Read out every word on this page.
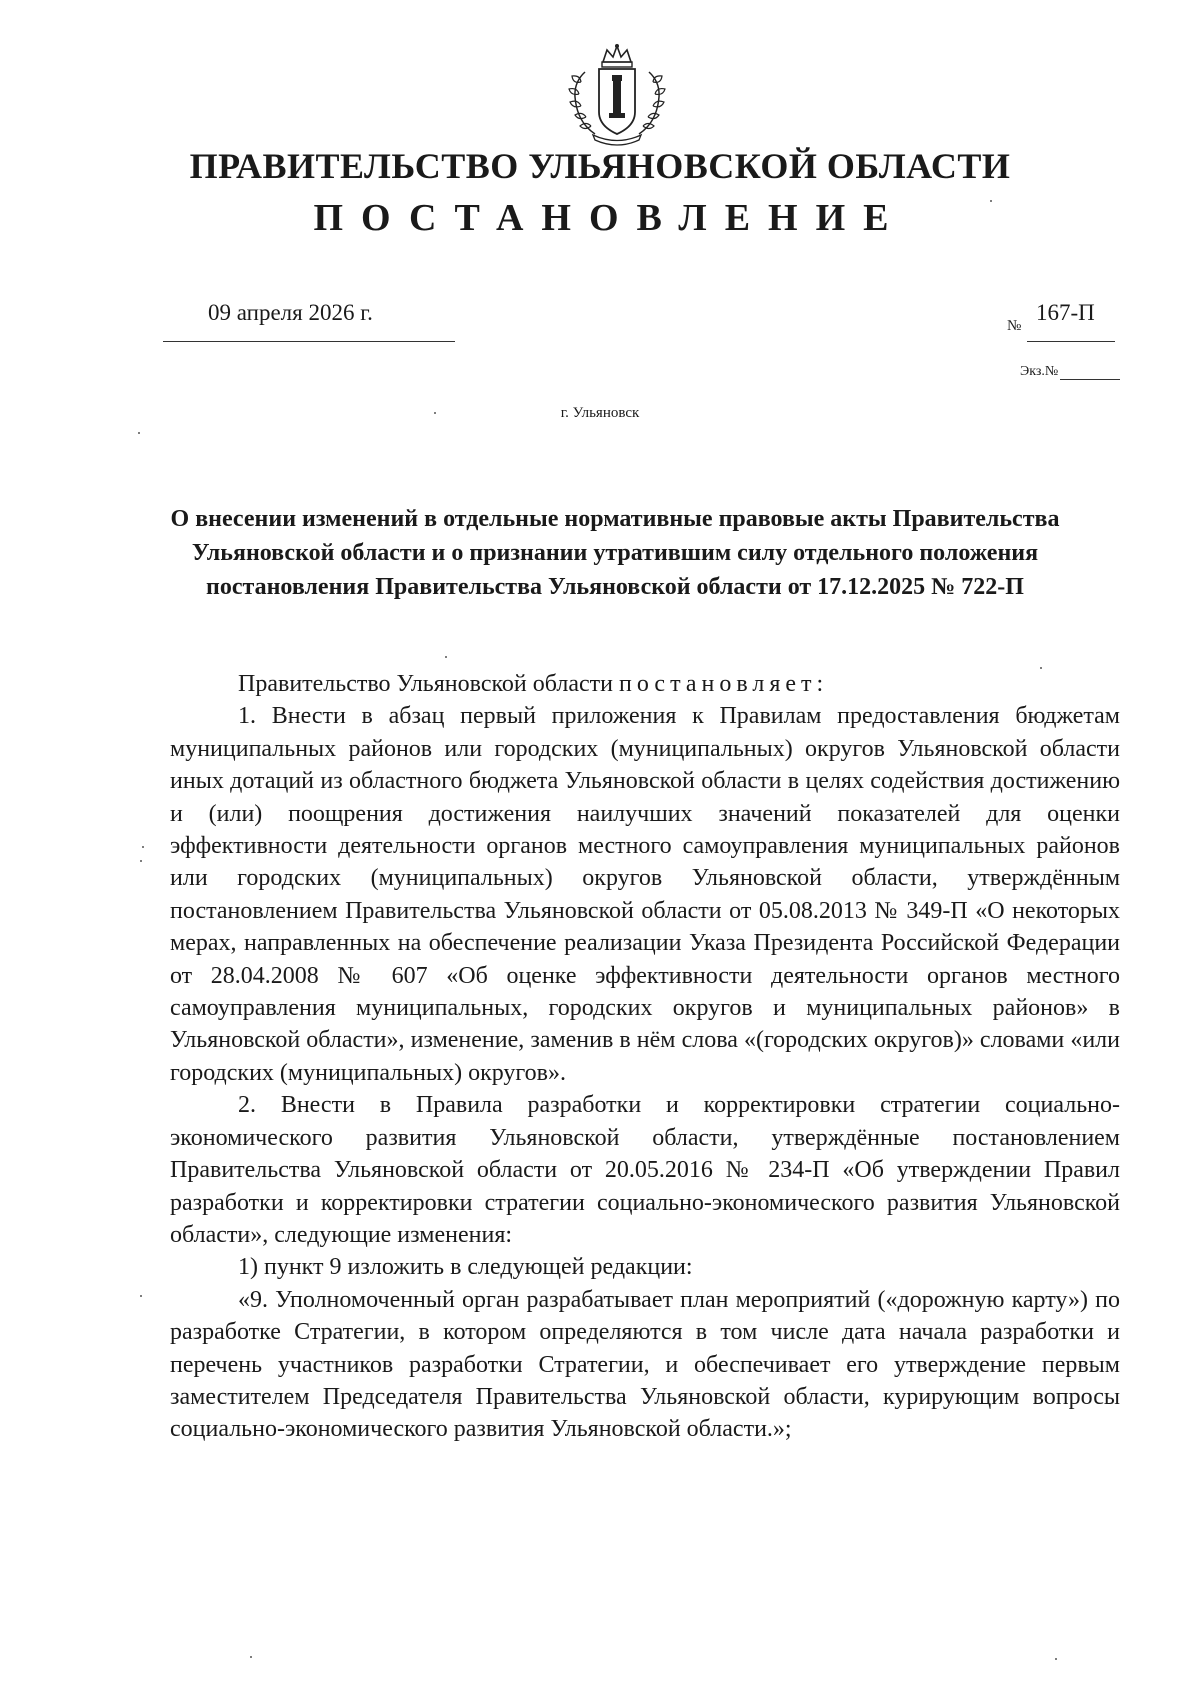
ПРАВИТЕЛЬСТВО УЛЬЯНОВСКОЙ ОБЛАСТИ
ПОСТАНОВЛЕНИЕ
09 апреля 2026 г.
№
167-П
Экз.№
г. Ульяновск
О внесении изменений в отдельные нормативные правовые акты Правительства Ульяновской области и о признании утратившим силу отдельного положения постановления Правительства Ульяновской области от 17.12.2025 № 722-П

Правительство Ульяновской области постановляет:

1. Внести в абзац первый приложения к Правилам предоставления бюджетам муниципальных районов или городских (муниципальных) округов Ульяновской области иных дотаций из областного бюджета Ульяновской области в целях содействия достижению и (или) поощрения достижения наилучших значений показателей для оценки эффективности деятельности органов местного самоуправления муниципальных районов или городских (муниципальных) округов Ульяновской области, утверждённым постановлением Правительства Ульяновской области от 05.08.2013 № 349-П «О некоторых мерах, направленных на обеспечение реализации Указа Президента Российской Федерации от 28.04.2008 № 607 «Об оценке эффективности деятельности органов местного самоуправления муниципальных, городских округов и муниципальных районов» в Ульяновской области», изменение, заменив в нём слова «(городских округов)» словами «или городских (муниципальных) округов».

2. Внести в Правила разработки и корректировки стратегии социально-экономического развития Ульяновской области, утверждённые постановлением Правительства Ульяновской области от 20.05.2016 № 234-П «Об утверждении Правил разработки и корректировки стратегии социально-экономического развития Ульяновской области», следующие изменения:

1) пункт 9 изложить в следующей редакции:

«9. Уполномоченный орган разрабатывает план мероприятий («дорожную карту») по разработке Стратегии, в котором определяются в том числе дата начала разработки и перечень участников разработки Стратегии, и обеспечивает его утверждение первым заместителем Председателя Правительства Ульяновской области, курирующим вопросы социально-экономического развития Ульяновской области.»;
